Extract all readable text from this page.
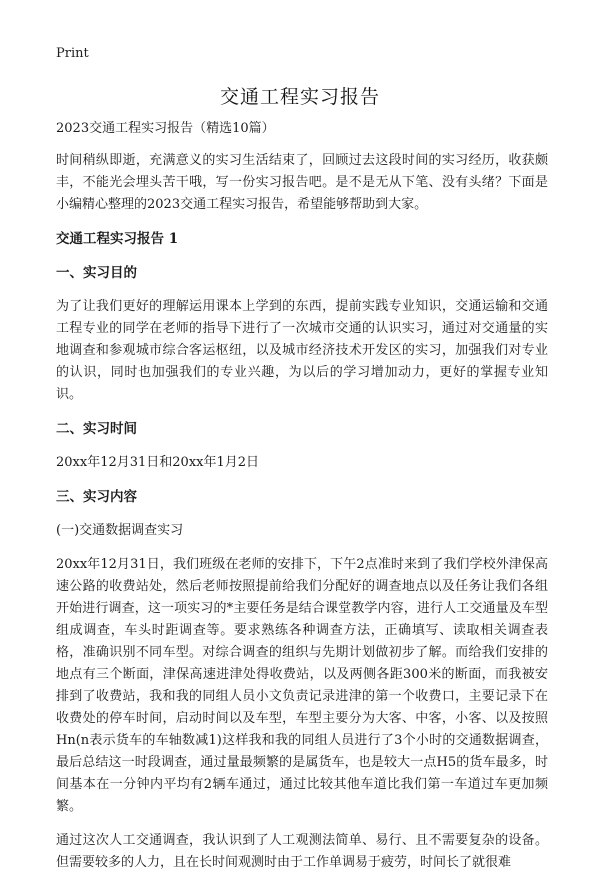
Print
交通工程实习报告

2023交通工程实习报告（精选10篇）

时间稍纵即逝，充满意义的实习生活结束了，回顾过去这段时间的实习经历，收获颇丰，不能光会埋头苦干哦，写一份实习报告吧。是不是无从下笔、没有头绪？下面是小编精心整理的2023交通工程实习报告，希望能够帮助到大家。

交通工程实习报告 1

一、实习目的

为了让我们更好的理解运用课本上学到的东西，提前实践专业知识，交通运输和交通工程专业的同学在老师的指导下进行了一次城市交通的认识实习，通过对交通量的实地调查和参观城市综合客运枢纽，以及城市经济技术开发区的实习，加强我们对专业的认识，同时也加强我们的专业兴趣，为以后的学习增加动力，更好的掌握专业知识。

二、实习时间

20xx年12月31日和20xx年1月2日

三、实习内容

(一)交通数据调查实习

20xx年12月31日，我们班级在老师的安排下，下午2点准时来到了我们学校外津保高速公路的收费站处，然后老师按照提前给我们分配好的调查地点以及任务让我们各组开始进行调查，这一项实习的*主要任务是结合课堂教学内容，进行人工交通量及车型组成调查，车头时距调查等。要求熟练各种调查方法，正确填写、读取相关调查表格，准确识别不同车型。对综合调查的组织与先期计划做初步了解。而给我们安排的地点有三个断面，津保高速进津处得收费站，以及两侧各距300米的断面，而我被安排到了收费站，我和我的同组人员小文负责记录进津的第一个收费口，主要记录下在收费处的停车时间，启动时间以及车型，车型主要分为大客、中客，小客、以及按照Hn(n表示货车的车轴数减1)这样我和我的同组人员进行了3个小时的交通数据调查，最后总结这一时段调查，通过量最频繁的是属货车，也是较大一点H5的货车最多，时间基本在一分钟内平均有2辆车通过，通过比较其他车道比我们第一车道过车更加频繁。

通过这次人工交通调查，我认识到了人工观测法简单、易行、且不需要复杂的设备。但需要较多的人力，且在长时间观测时由于工作单调易于疲劳，时间长了就很难
